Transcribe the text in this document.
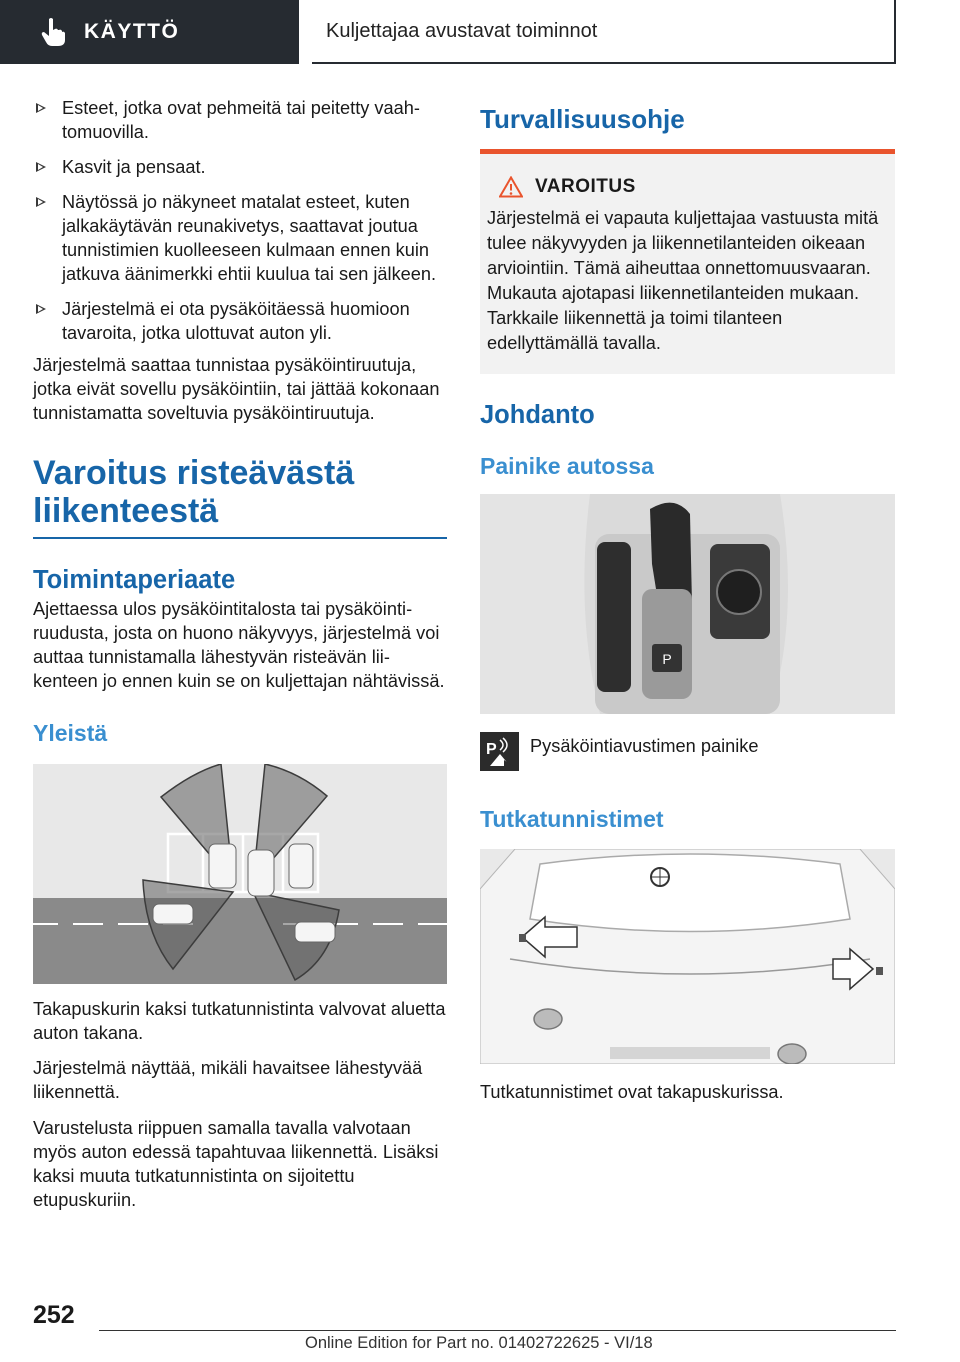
KÄYTTÖ	Kuljettajaa avustavat toiminnot
Esteet, jotka ovat pehmeitä tai peitetty vaahtomuovilla.
Kasvit ja pensaat.
Näytössä jo näkyneet matalat esteet, kuten jalkakäytävän reunakivetys, saattavat joutua tunnistimien kuolleeseen kulmaan ennen kuin jatkuva äänimerkki ehtii kuulua tai sen jälkeen.
Järjestelmä ei ota pysäköitäessä huomioon tavaroita, jotka ulottuvat auton yli.

Järjestelmä saattaa tunnistaa pysäköintiruutuja, jotka eivät sovellu pysäköintiin, tai jättää kokonaan tunnistamatta soveltuvia pysäköintiruutuja.

Varoitus risteävästä liikenteestä
Toimintaperiaate

Ajettaessa ulos pysäköintitalosta tai pysäköintiruudusta, josta on huono näkyvyys, järjestelmä voi auttaa tunnistamalla lähestyvän risteävän liikenteen jo ennen kuin se on kuljettajan nähtävissä.

Yleistä

Takapuskurin kaksi tutkatunnistinta valvovat aluetta auton takana.

Järjestelmä näyttää, mikäli havaitsee lähestyvää liikennettä.

Varustelusta riippuen samalla tavalla valvotaan myös auton edessä tapahtuvaa liikennettä. Lisäksi kaksi muuta tutkatunnistinta on sijoitettu etupuskuriin.

Turvallisuusohje
VAROITUS

Järjestelmä ei vapauta kuljettajaa vastuusta mitä tulee näkyvyyden ja liikennetilanteiden oikeaan arviointiin. Tämä aiheuttaa onnettomuusvaaran. Mukauta ajotapasi liikennetilanteiden mukaan. Tarkkaile liikennettä ja toimi tilanteen edellyttämällä tavalla.

Johdanto
Painike autossa
P
P Pysäköintiavustimen painike
Tutkatunnistimet

Tutkatunnistimet ovat takapuskurissa.

252
Online Edition for Part no. 01402722625 - VI/18
